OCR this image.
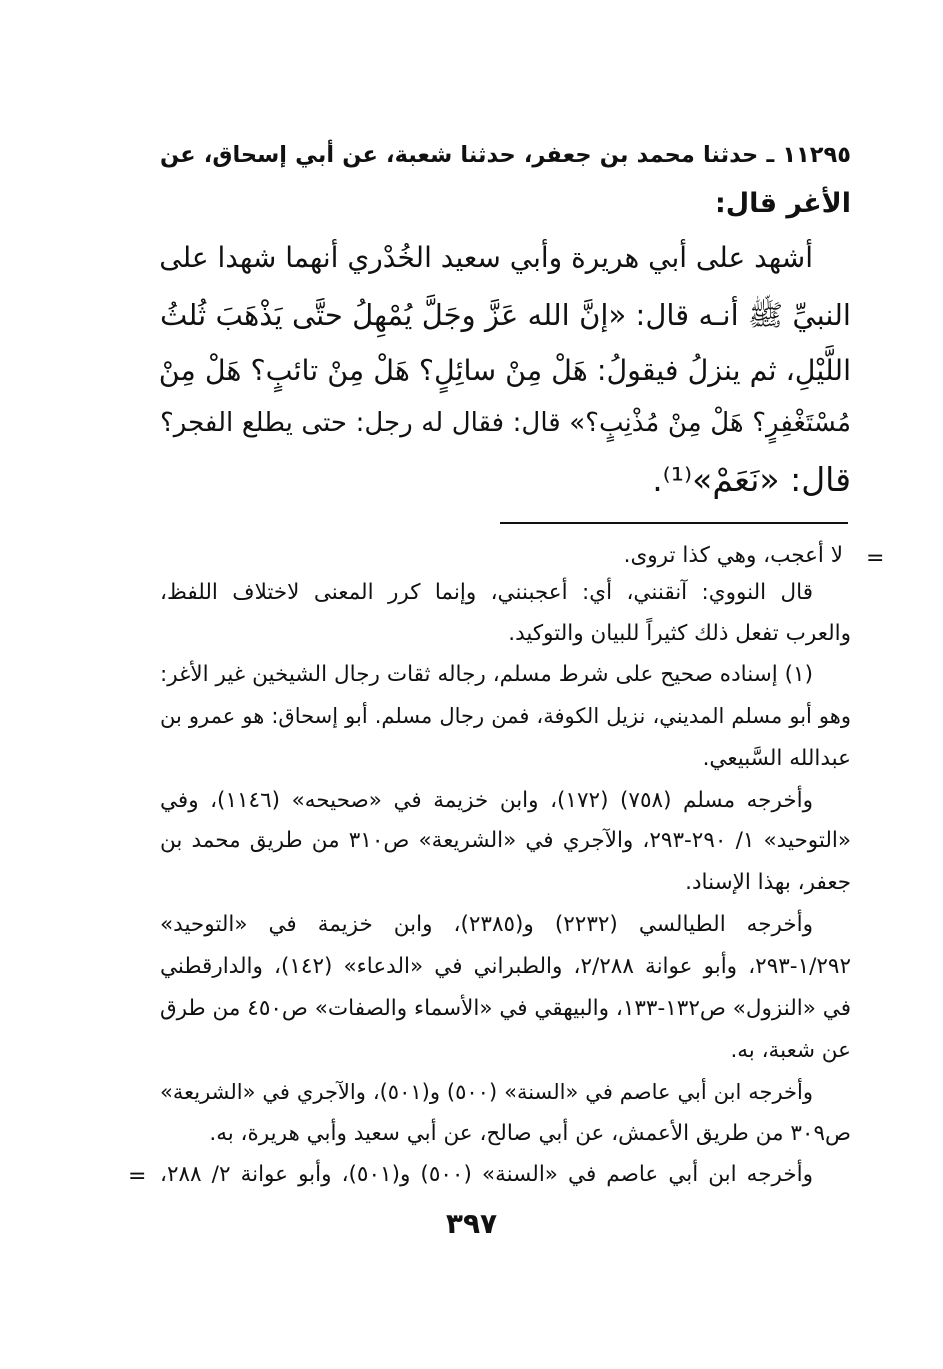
١١٢٩٥ ـ حدثنا محمد بن جعفر، حدثنا شعبة، عن أبي إسحاق، عن
الأغر قال:
أشهد على أبي هريرة وأبي سعيد الخُدْري أنهما شهدا على
النبيِّ ﷺ أنـه قال: «إنَّ الله عَزَّ وجَلَّ يُمْهِلُ حتَّى يَذْهَبَ ثُلثُ
اللَّيْلِ، ثم ينزلُ فيقولُ: هَلْ مِنْ سائِلٍ؟ هَلْ مِنْ تائبٍ؟ هَلْ مِنْ
مُسْتَغْفِرٍ؟ هَلْ مِنْ مُذْنِبٍ؟» قال: فقال له رجل: حتى يطلع الفجر؟
قال: «نَعَمْ»⁽¹⁾.
=
لا أعجب، وهي كذا تروى.
قال النووي: آنقنني، أي: أعجبنني، وإنما كرر المعنى لاختلاف اللفظ،
والعرب تفعل ذلك كثيراً للبيان والتوكيد.
(١) إسناده صحيح على شرط مسلم، رجاله ثقات رجال الشيخين غير الأغر:
وهو أبو مسلم المديني، نزيل الكوفة، فمن رجال مسلم. أبو إسحاق: هو عمرو بن
عبدالله السَّبيعي.
وأخرجه مسلم (٧٥٨) (١٧٢)، وابن خزيمة في «صحيحه» (١١٤٦)، وفي
«التوحيد» ١/ ٢٩٠-٢٩٣، والآجري في «الشريعة» ص٣١٠ من طريق محمد بن
جعفر، بهذا الإسناد.
وأخرجه الطيالسي (٢٢٣٢) و(٢٣٨٥)، وابن خزيمة في «التوحيد»
١/٢٩٢-٢٩٣، وأبو عوانة ٢/٢٨٨، والطبراني في «الدعاء» (١٤٢)، والدارقطني
في «النزول» ص١٣٢-١٣٣، والبيهقي في «الأسماء والصفات» ص٤٥٠ من طرق
عن شعبة، به.
وأخرجه ابن أبي عاصم في «السنة» (٥٠٠) و(٥٠١)، والآجري في «الشريعة»
ص٣٠٩ من طريق الأعمش، عن أبي صالح، عن أبي سعيد وأبي هريرة، به.
وأخرجه ابن أبي عاصم في «السنة» (٥٠٠) و(٥٠١)، وأبو عوانة ٢/ ٢٨٨،
=
٣٩٧
